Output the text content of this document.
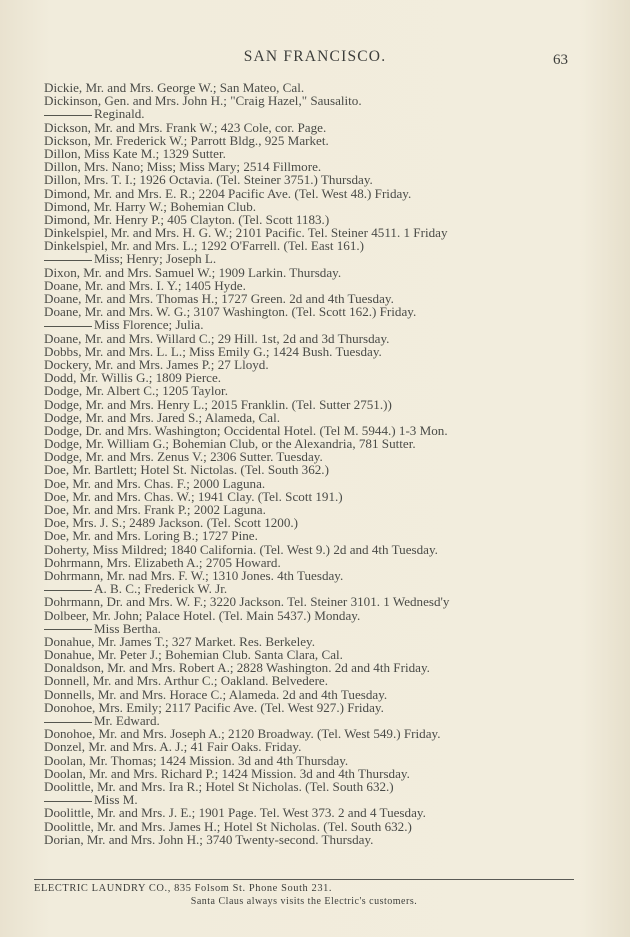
SAN FRANCISCO.	63
Dickie, Mr. and Mrs. George W.; San Mateo, Cal.
Dickinson, Gen. and Mrs. John H.; "Craig Hazel," Sausalito.
Reginald.
Dickson, Mr. and Mrs. Frank W.; 423 Cole, cor. Page.
Dickson, Mr. Frederick W.; Parrott Bldg., 925 Market.
Dillon, Miss Kate M.; 1329 Sutter.
Dillon, Mrs. Nano; Miss; Miss Mary; 2514 Fillmore.
Dillon, Mrs. T. I.; 1926 Octavia. (Tel. Steiner 3751.) Thursday.
Dimond, Mr. and Mrs. E. R.; 2204 Pacific Ave. (Tel. West 48.) Friday.
Dimond, Mr. Harry W.; Bohemian Club.
Dimond, Mr. Henry P.; 405 Clayton. (Tel. Scott 1183.)
Dinkelspiel, Mr. and Mrs. H. G. W.; 2101 Pacific. Tel. Steiner 4511. 1 Friday
Dinkelspiel, Mr. and Mrs. L.; 1292 O'Farrell. (Tel. East 161.)
Miss; Henry; Joseph L.
Dixon, Mr. and Mrs. Samuel W.; 1909 Larkin. Thursday.
Doane, Mr. and Mrs. I. Y.; 1405 Hyde.
Doane, Mr. and Mrs. Thomas H.; 1727 Green. 2d and 4th Tuesday.
Doane, Mr. and Mrs. W. G.; 3107 Washington. (Tel. Scott 162.) Friday.
Miss Florence; Julia.
Doane, Mr. and Mrs. Willard C.; 29 Hill. 1st, 2d and 3d Thursday.
Dobbs, Mr. and Mrs. L. L.; Miss Emily G.; 1424 Bush. Tuesday.
Dockery, Mr. and Mrs. James P.; 27 Lloyd.
Dodd, Mr. Willis G.; 1809 Pierce.
Dodge, Mr. Albert C.; 1205 Taylor.
Dodge, Mr. and Mrs. Henry L.; 2015 Franklin. (Tel. Sutter 2751.))
Dodge, Mr. and Mrs. Jared S.; Alameda, Cal.
Dodge, Dr. and Mrs. Washington; Occidental Hotel. (Tel M. 5944.) 1-3 Mon.
Dodge, Mr. William G.; Bohemian Club, or the Alexandria, 781 Sutter.
Dodge, Mr. and Mrs. Zenus V.; 2306 Sutter. Tuesday.
Doe, Mr. Bartlett; Hotel St. Nictolas. (Tel. South 362.)
Doe, Mr. and Mrs. Chas. F.; 2000 Laguna.
Doe, Mr. and Mrs. Chas. W.; 1941 Clay. (Tel. Scott 191.)
Doe, Mr. and Mrs. Frank P.; 2002 Laguna.
Doe, Mrs. J. S.; 2489 Jackson. (Tel. Scott 1200.)
Doe, Mr. and Mrs. Loring B.; 1727 Pine.
Doherty, Miss Mildred; 1840 California. (Tel. West 9.) 2d and 4th Tuesday.
Dohrmann, Mrs. Elizabeth A.; 2705 Howard.
Dohrmann, Mr. nad Mrs. F. W.; 1310 Jones. 4th Tuesday.
A. B. C.; Frederick W. Jr.
Dohrmann, Dr. and Mrs. W. F.; 3220 Jackson. Tel. Steiner 3101. 1 Wednesd'y
Dolbeer, Mr. John; Palace Hotel. (Tel. Main 5437.) Monday.
Miss Bertha.
Donahue, Mr. James T.; 327 Market. Res. Berkeley.
Donahue, Mr. Peter J.; Bohemian Club. Santa Clara, Cal.
Donaldson, Mr. and Mrs. Robert A.; 2828 Washington. 2d and 4th Friday.
Donnell, Mr. and Mrs. Arthur C.; Oakland. Belvedere.
Donnells, Mr. and Mrs. Horace C.; Alameda. 2d and 4th Tuesday.
Donohoe, Mrs. Emily; 2117 Pacific Ave. (Tel. West 927.) Friday.
Mr. Edward.
Donohoe, Mr. and Mrs. Joseph A.; 2120 Broadway. (Tel. West 549.) Friday.
Donzel, Mr. and Mrs. A. J.; 41 Fair Oaks. Friday.
Doolan, Mr. Thomas; 1424 Mission. 3d and 4th Thursday.
Doolan, Mr. and Mrs. Richard P.; 1424 Mission. 3d and 4th Thursday.
Doolittle, Mr. and Mrs. Ira R.; Hotel St Nicholas. (Tel. South 632.)
Miss M.
Doolittle, Mr. and Mrs. J. E.; 1901 Page. Tel. West 373. 2 and 4 Tuesday.
Doolittle, Mr. and Mrs. James H.; Hotel St Nicholas. (Tel. South 632.)
Dorian, Mr. and Mrs. John H.; 3740 Twenty-second. Thursday.
ELECTRIC LAUNDRY CO., 835 Folsom St. Phone South 231.
Santa Claus always visits the Electric's customers.
